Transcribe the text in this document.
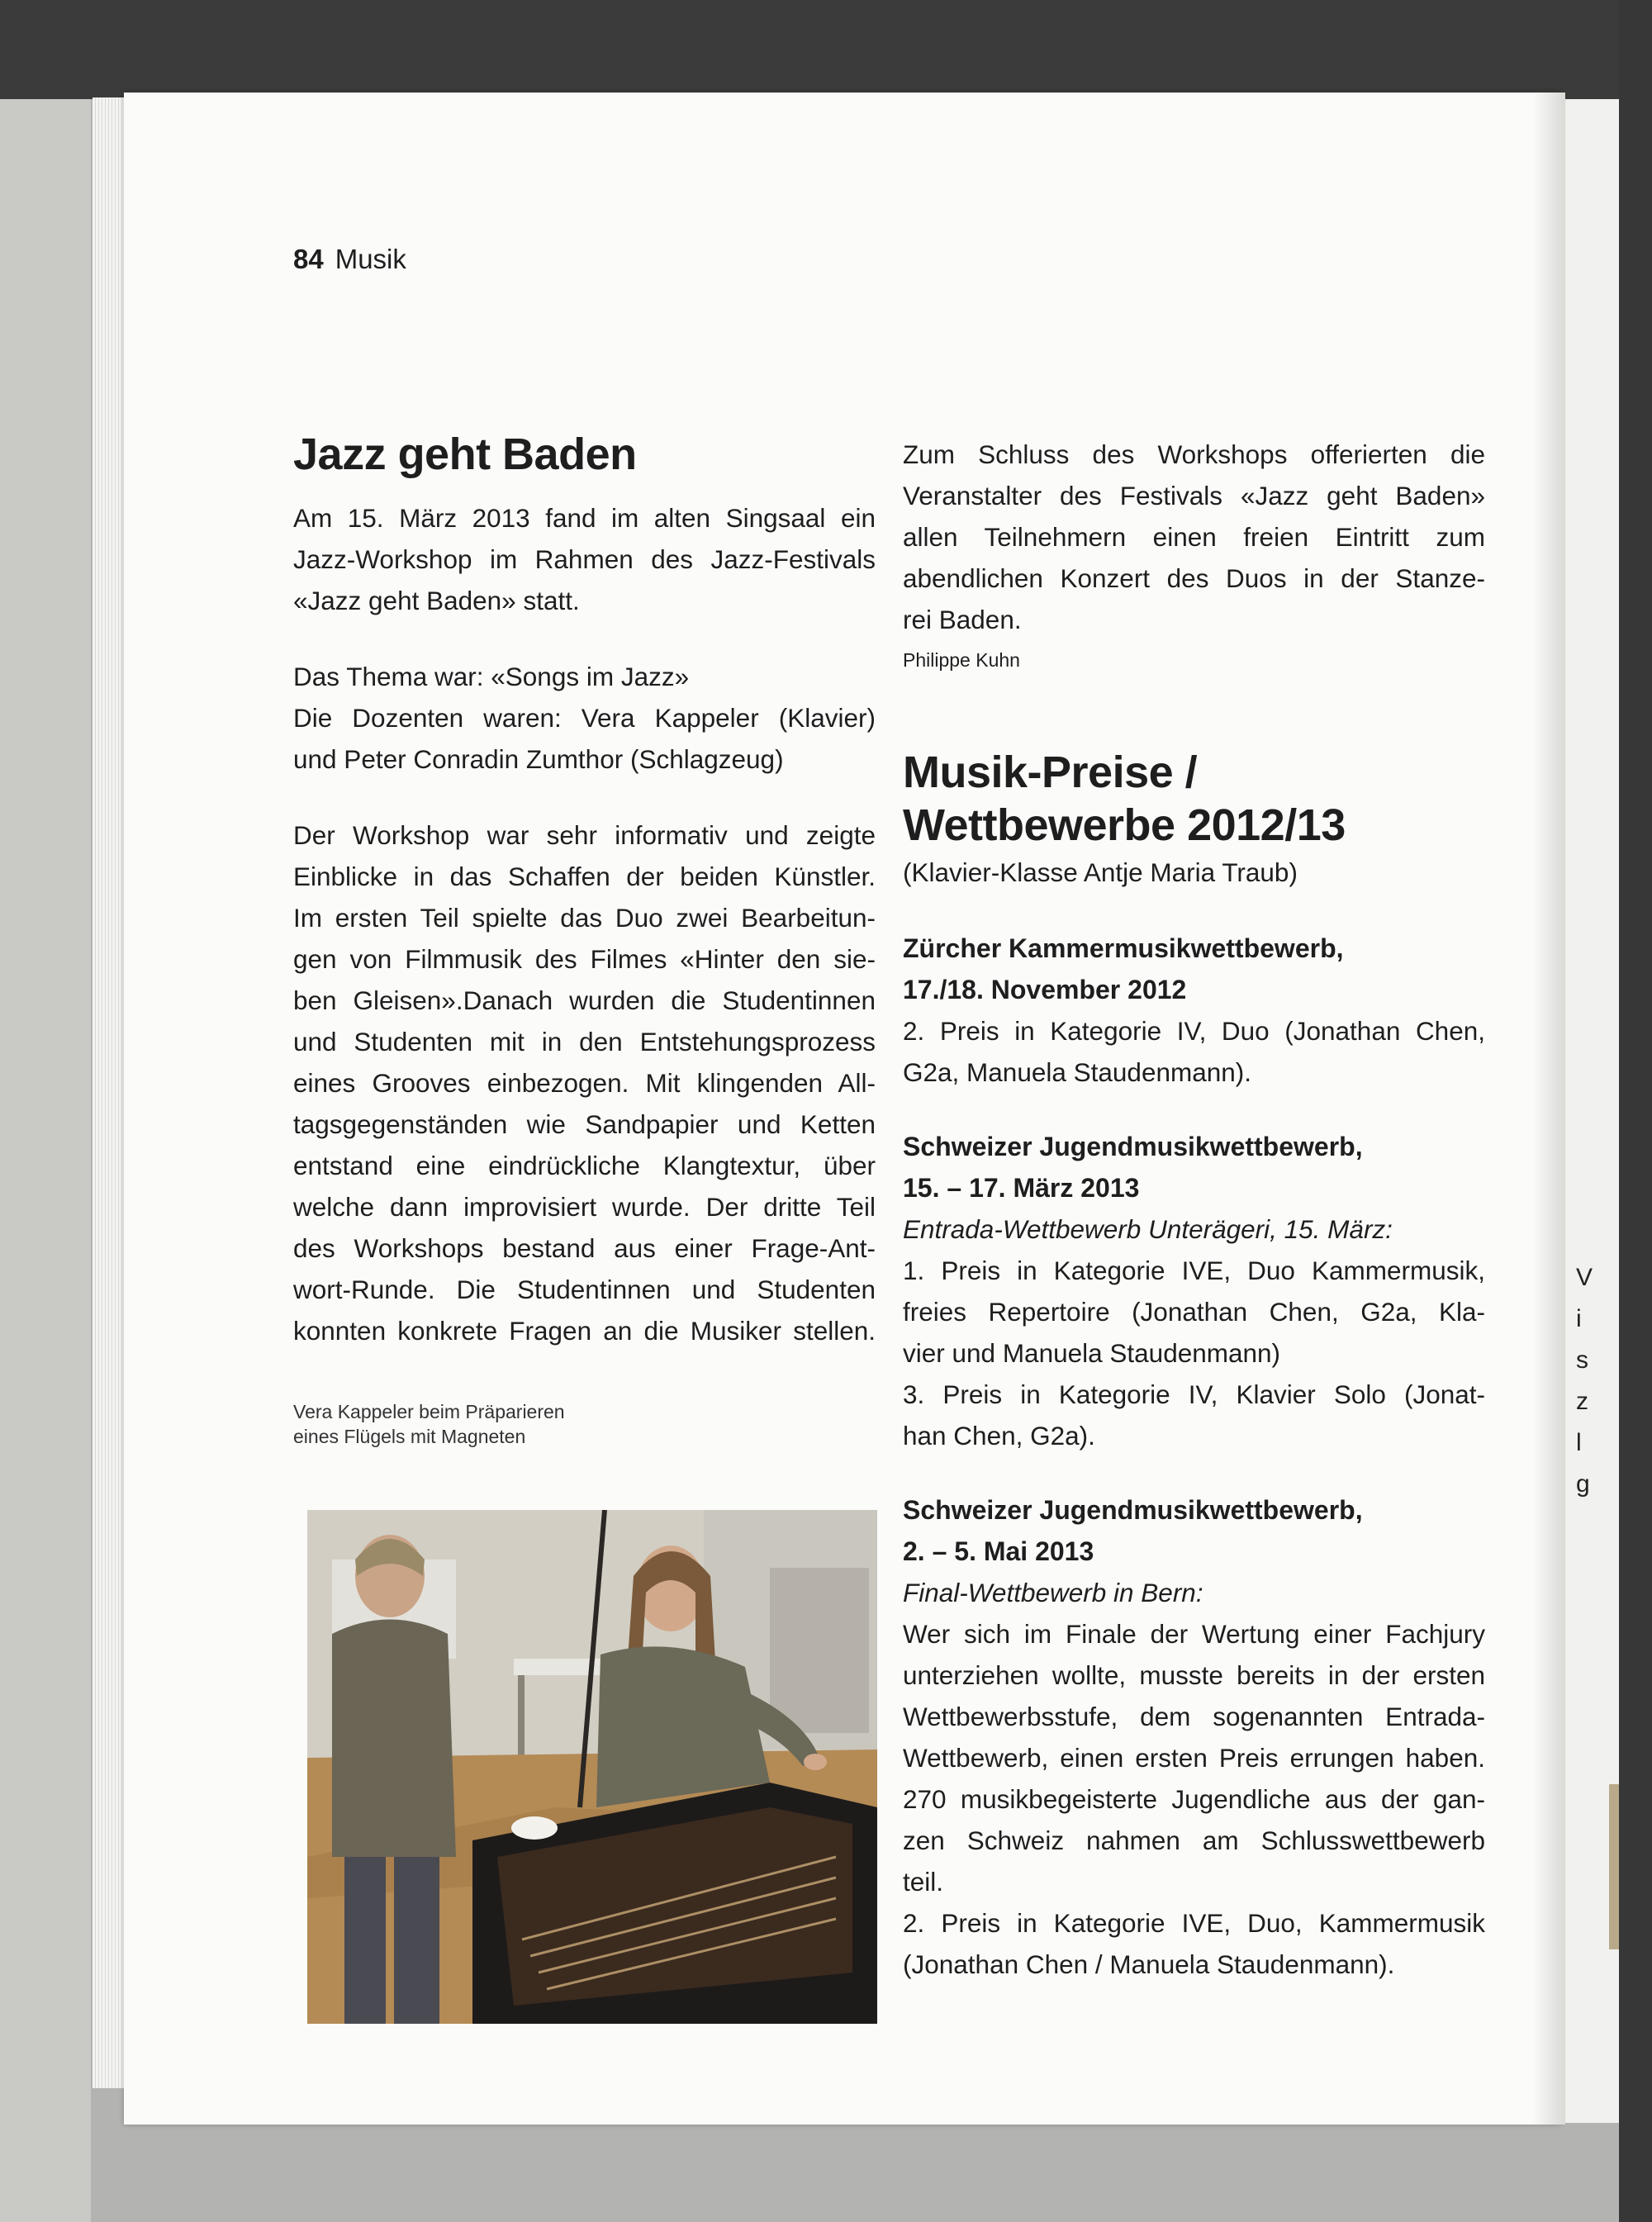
V
i
s
z
l
g
84 Musik
Jazz geht Baden

Am 15. März 2013 fand im alten Singsaal ein
Jazz-Workshop im Rahmen des Jazz-Festivals
«Jazz geht Baden» statt.

Das Thema war: «Songs im Jazz»
Die Dozenten waren: Vera Kappeler (Klavier)
und Peter Conradin Zumthor (Schlagzeug)

Der Workshop war sehr informativ und zeigte
Einblicke in das Schaffen der beiden Künstler.
Im ersten Teil spielte das Duo zwei Bearbeitun-
gen von Filmmusik des Filmes «Hinter den sie-
ben Gleisen».Danach wurden die Studentinnen
und Studenten mit in den Entstehungsprozess
eines Grooves einbezogen. Mit klingenden All-
tagsgegenständen wie Sandpapier und Ketten
entstand eine eindrückliche Klangtextur, über
welche dann improvisiert wurde. Der dritte Teil
des Workshops bestand aus einer Frage-Ant-
wort-Runde. Die Studentinnen und Studenten
konnten konkrete Fragen an die Musiker stellen.

Vera Kappeler beim Präparieren
eines Flügels mit Magneten

Zum Schluss des Workshops offerierten die
Veranstalter des Festivals «Jazz geht Baden»
allen Teilnehmern einen freien Eintritt zum
abendlichen Konzert des Duos in der Stanze-
rei Baden.

Philippe Kuhn

Musik-Preise /
Wettbewerbe 2012/13

(Klavier-Klasse Antje Maria Traub)

Zürcher Kammermusikwettbewerb,
17./18. November 2012
2. Preis in Kategorie IV, Duo (Jonathan Chen,
G2a, Manuela Staudenmann).

Schweizer Jugendmusikwettbewerb,
15. – 17. März 2013
Entrada-Wettbewerb Unterägeri, 15. März:
1. Preis in Kategorie IVE, Duo Kammermusik,
freies Repertoire (Jonathan Chen, G2a, Kla-
vier und Manuela Staudenmann)
3. Preis in Kategorie IV, Klavier Solo (Jonat-
han Chen, G2a).

Schweizer Jugendmusikwettbewerb,
2. – 5. Mai 2013
Final-Wettbewerb in Bern:
Wer sich im Finale der Wertung einer Fachjury
unterziehen wollte, musste bereits in der ersten
Wettbewerbsstufe, dem sogenannten Entrada-
Wettbewerb, einen ersten Preis errungen haben.
270 musikbegeisterte Jugendliche aus der gan-
zen Schweiz nahmen am Schlusswettbewerb
teil.
2. Preis in Kategorie IVE, Duo, Kammermusik
(Jonathan Chen / Manuela Staudenmann).
